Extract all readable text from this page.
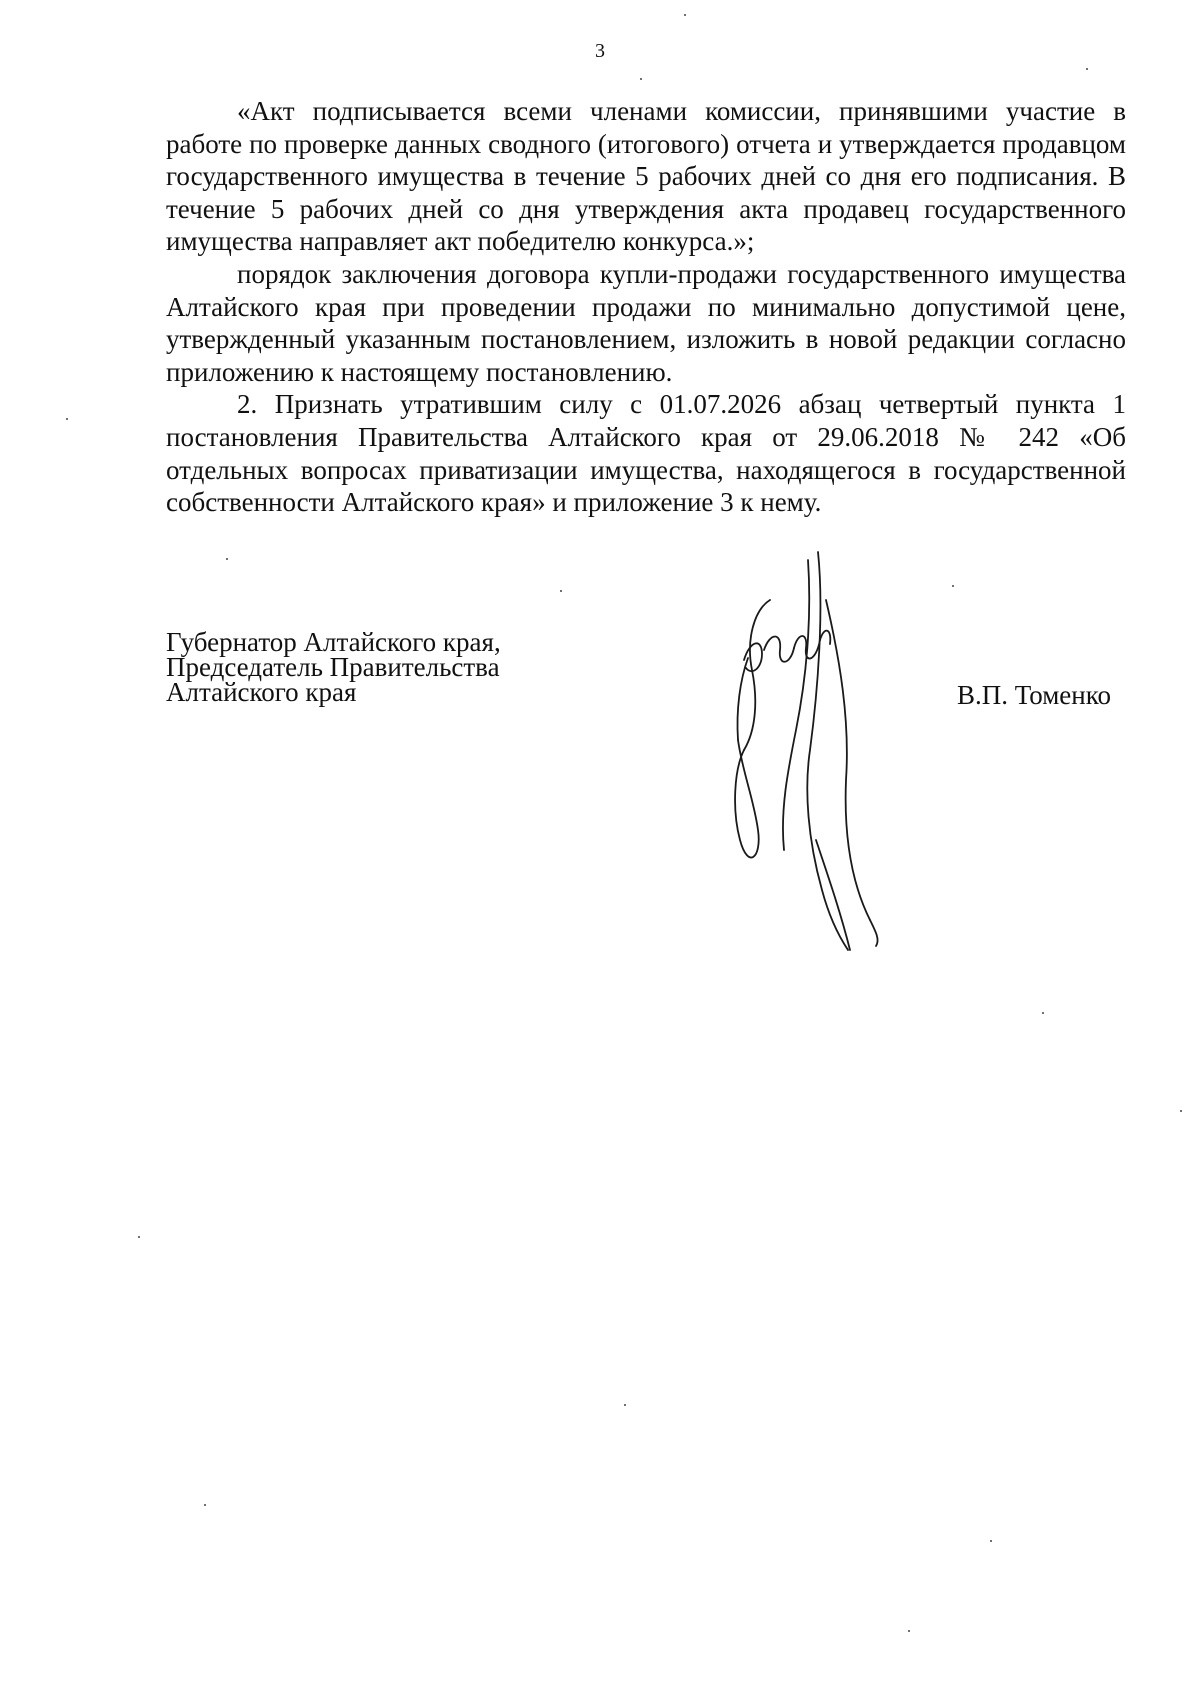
3

«Акт подписывается всеми членами комиссии, принявшими участие в работе по проверке данных сводного (итогового) отчета и утверждается продавцом государственного имущества в течение 5 рабочих дней со дня его подписания. В течение 5 рабочих дней со дня утверждения акта продавец государственного имущества направляет акт победителю конкурса.»;

порядок заключения договора купли-продажи государственного имущества Алтайского края при проведении продажи по минимально допустимой цене, утвержденный указанным постановлением, изложить в новой редакции согласно приложению к настоящему постановлению.

2. Признать утратившим силу с 01.07.2026 абзац четвертый пункта 1 постановления Правительства Алтайского края от 29.06.2018 № 242 «Об отдельных вопросах приватизации имущества, находящегося в государственной собственности Алтайского края» и приложение 3 к нему.

Губернатор Алтайского края,
Председатель Правительства
Алтайского края	В.П. Томенко
